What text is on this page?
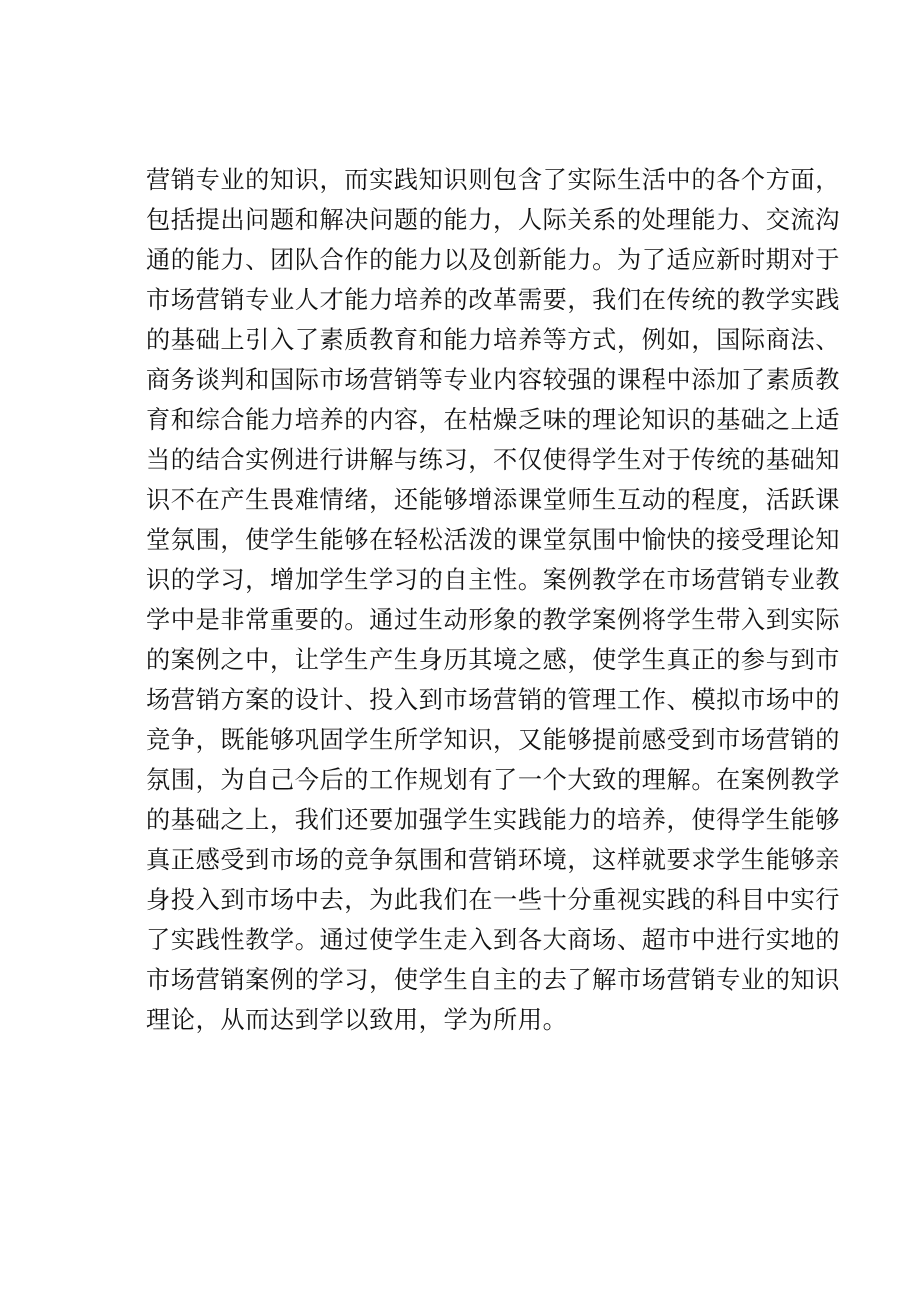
营销专业的知识，而实践知识则包含了实际生活中的各个方面，
包括提出问题和解决问题的能力，人际关系的处理能力、交流沟
通的能力、团队合作的能力以及创新能力。为了适应新时期对于
市场营销专业人才能力培养的改革需要，我们在传统的教学实践
的基础上引入了素质教育和能力培养等方式，例如，国际商法、
商务谈判和国际市场营销等专业内容较强的课程中添加了素质教
育和综合能力培养的内容，在枯燥乏味的理论知识的基础之上适
当的结合实例进行讲解与练习，不仅使得学生对于传统的基础知
识不在产生畏难情绪，还能够增添课堂师生互动的程度，活跃课
堂氛围，使学生能够在轻松活泼的课堂氛围中愉快的接受理论知
识的学习，增加学生学习的自主性。案例教学在市场营销专业教
学中是非常重要的。通过生动形象的教学案例将学生带入到实际
的案例之中，让学生产生身历其境之感，使学生真正的参与到市
场营销方案的设计、投入到市场营销的管理工作、模拟市场中的
竞争，既能够巩固学生所学知识，又能够提前感受到市场营销的
氛围，为自己今后的工作规划有了一个大致的理解。在案例教学
的基础之上，我们还要加强学生实践能力的培养，使得学生能够
真正感受到市场的竞争氛围和营销环境，这样就要求学生能够亲
身投入到市场中去，为此我们在一些十分重视实践的科目中实行
了实践性教学。通过使学生走入到各大商场、超市中进行实地的
市场营销案例的学习，使学生自主的去了解市场营销专业的知识
理论，从而达到学以致用，学为所用。
